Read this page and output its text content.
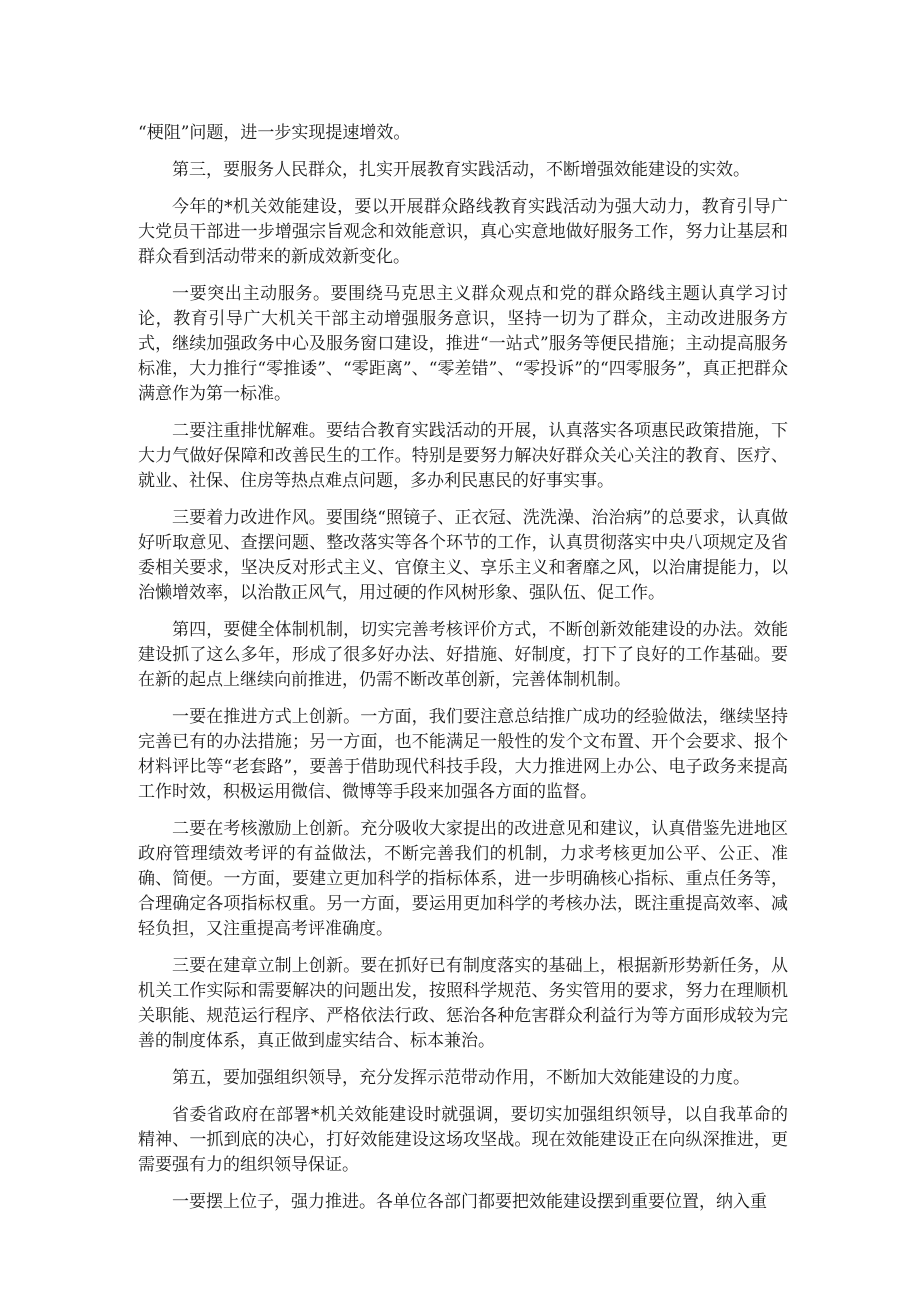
“梗阻”问题，进一步实现提速增效。

第三，要服务人民群众，扎实开展教育实践活动，不断增强效能建设的实效。

今年的*机关效能建设，要以开展群众路线教育实践活动为强大动力，教育引导广大党员干部进一步增强宗旨观念和效能意识，真心实意地做好服务工作，努力让基层和群众看到活动带来的新成效新变化。

一要突出主动服务。要围绕马克思主义群众观点和党的群众路线主题认真学习讨论，教育引导广大机关干部主动增强服务意识，坚持一切为了群众，主动改进服务方式，继续加强政务中心及服务窗口建设，推进“一站式”服务等便民措施；主动提高服务标准，大力推行“零推诿”、“零距离”、“零差错”、“零投诉”的“四零服务”，真正把群众满意作为第一标准。

二要注重排忧解难。要结合教育实践活动的开展，认真落实各项惠民政策措施，下大力气做好保障和改善民生的工作。特别是要努力解决好群众关心关注的教育、医疗、就业、社保、住房等热点难点问题，多办利民惠民的好事实事。

三要着力改进作风。要围绕“照镜子、正衣冠、洗洗澡、治治病”的总要求，认真做好听取意见、查摆问题、整改落实等各个环节的工作，认真贯彻落实中央八项规定及省委相关要求，坚决反对形式主义、官僚主义、享乐主义和奢靡之风，以治庸提能力，以治懒增效率，以治散正风气，用过硬的作风树形象、强队伍、促工作。

第四，要健全体制机制，切实完善考核评价方式，不断创新效能建设的办法。效能建设抓了这么多年，形成了很多好办法、好措施、好制度，打下了良好的工作基础。要在新的起点上继续向前推进，仍需不断改革创新，完善体制机制。

一要在推进方式上创新。一方面，我们要注意总结推广成功的经验做法，继续坚持完善已有的办法措施；另一方面，也不能满足一般性的发个文布置、开个会要求、报个材料评比等“老套路”，要善于借助现代科技手段，大力推进网上办公、电子政务来提高工作时效，积极运用微信、微博等手段来加强各方面的监督。

二要在考核激励上创新。充分吸收大家提出的改进意见和建议，认真借鉴先进地区政府管理绩效考评的有益做法，不断完善我们的机制，力求考核更加公平、公正、准确、简便。一方面，要建立更加科学的指标体系，进一步明确核心指标、重点任务等，合理确定各项指标权重。另一方面，要运用更加科学的考核办法，既注重提高效率、减轻负担，又注重提高考评准确度。

三要在建章立制上创新。要在抓好已有制度落实的基础上，根据新形势新任务，从机关工作实际和需要解决的问题出发，按照科学规范、务实管用的要求，努力在理顺机关职能、规范运行程序、严格依法行政、惩治各种危害群众利益行为等方面形成较为完善的制度体系，真正做到虚实结合、标本兼治。

第五，要加强组织领导，充分发挥示范带动作用，不断加大效能建设的力度。

省委省政府在部署*机关效能建设时就强调，要切实加强组织领导，以自我革命的精神、一抓到底的决心，打好效能建设这场攻坚战。现在效能建设正在向纵深推进，更需要强有力的组织领导保证。

一要摆上位子，强力推进。各单位各部门都要把效能建设摆到重要位置，纳入重
